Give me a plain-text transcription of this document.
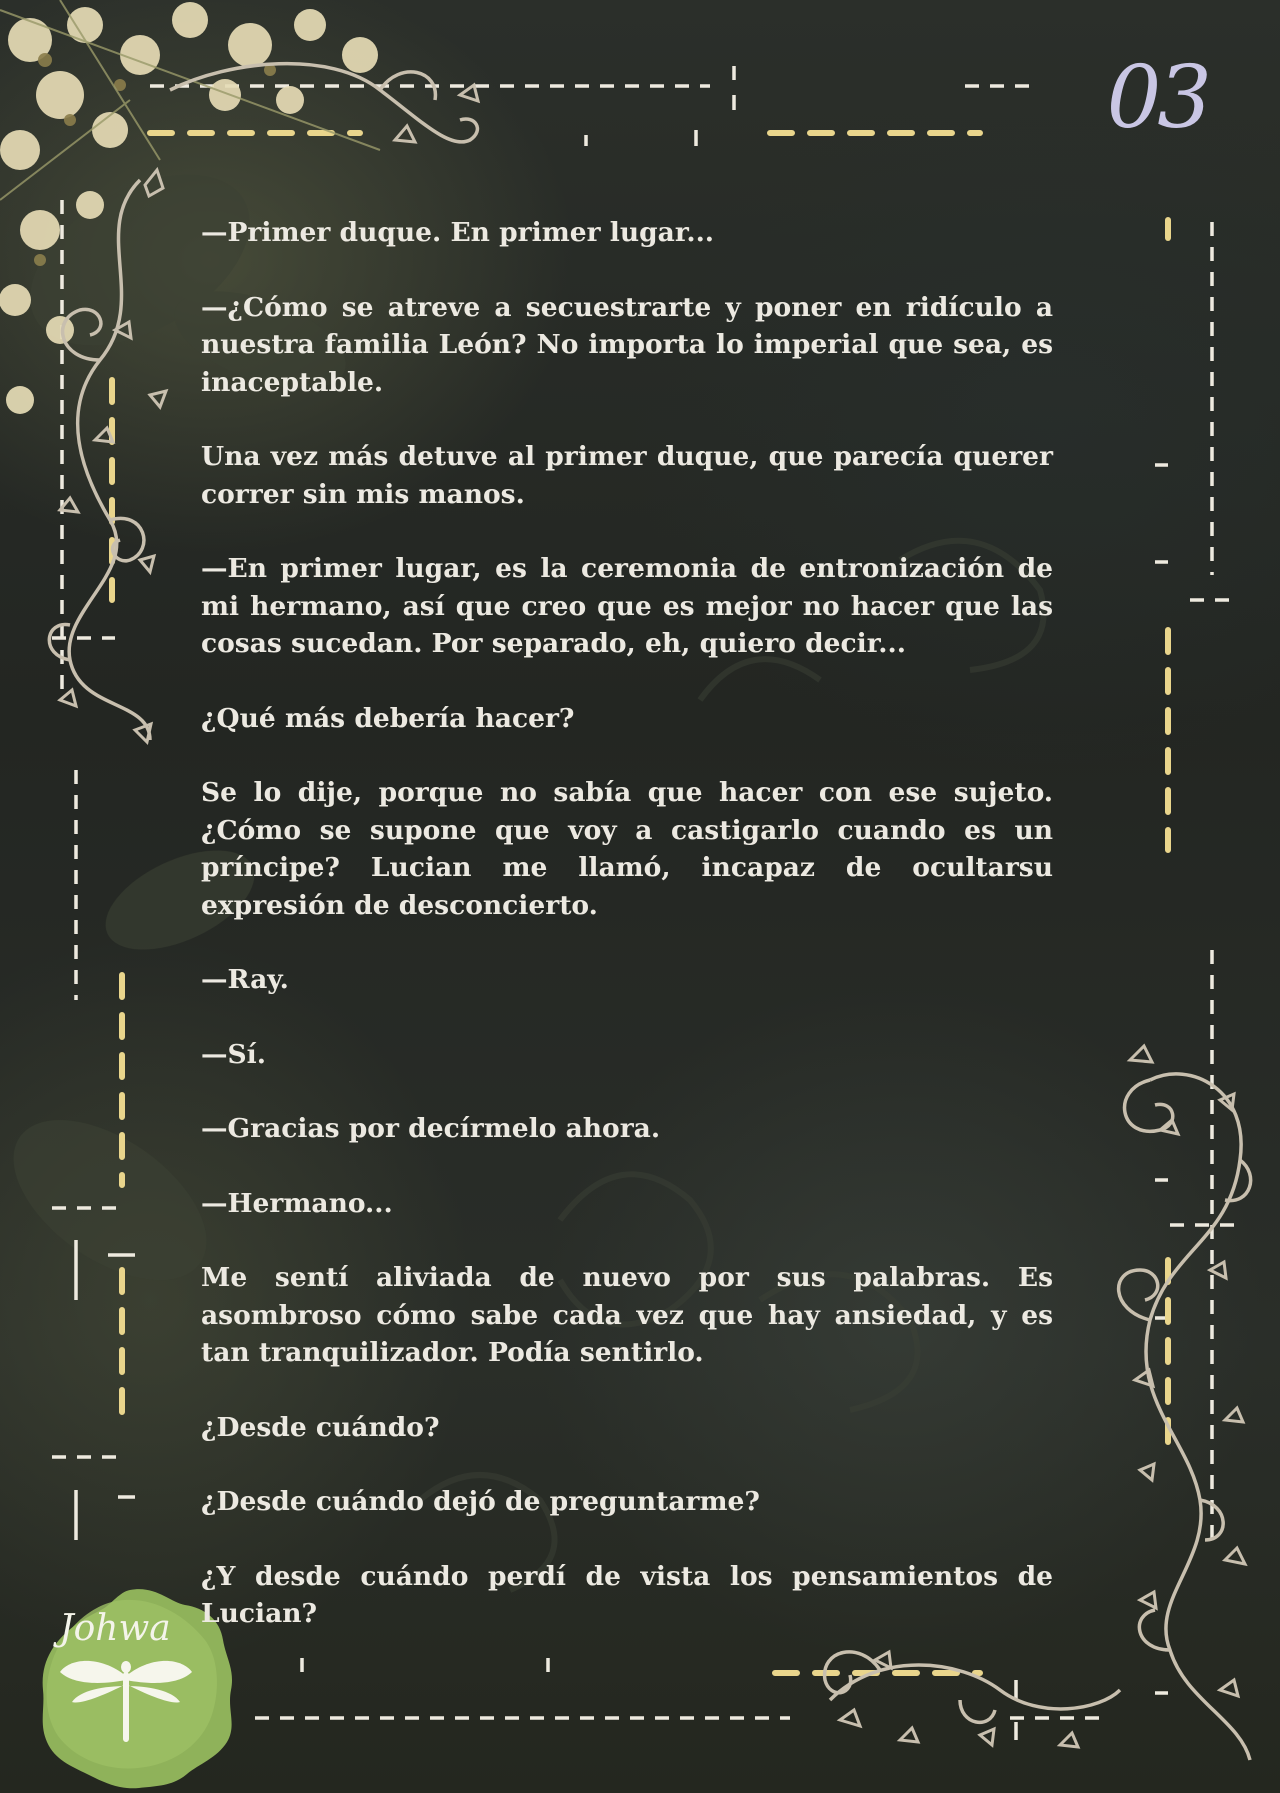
03

—Primer duque. En primer lugar...

—¿Cómo se atreve a secuestrarte y poner en ridículo a nuestra familia León? No importa lo imperial que sea, es inaceptable.

Una vez más detuve al primer duque, que parecía querer correr sin mis manos.

—En primer lugar, es la ceremonia de entronización de mi hermano, así que creo que es mejor no hacer que las cosas sucedan. Por separado, eh, quiero decir...

¿Qué más debería hacer?

Se lo dije, porque no sabía que hacer con ese sujeto. ¿Cómo se supone que voy a castigarlo cuando es un príncipe? Lucian me llamó, incapaz de ocultarsu expresión de desconcierto.

—Ray.

—Sí.

—Gracias por decírmelo ahora.

—Hermano...

Me sentí aliviada de nuevo por sus palabras. Es asombroso cómo sabe cada vez que hay ansiedad, y es tan tranquilizador. Podía sentirlo.

¿Desde cuándo?

¿Desde cuándo dejó de preguntarme?

¿Y desde cuándo perdí de vista los pensamientos de Lucian?

Johwa
